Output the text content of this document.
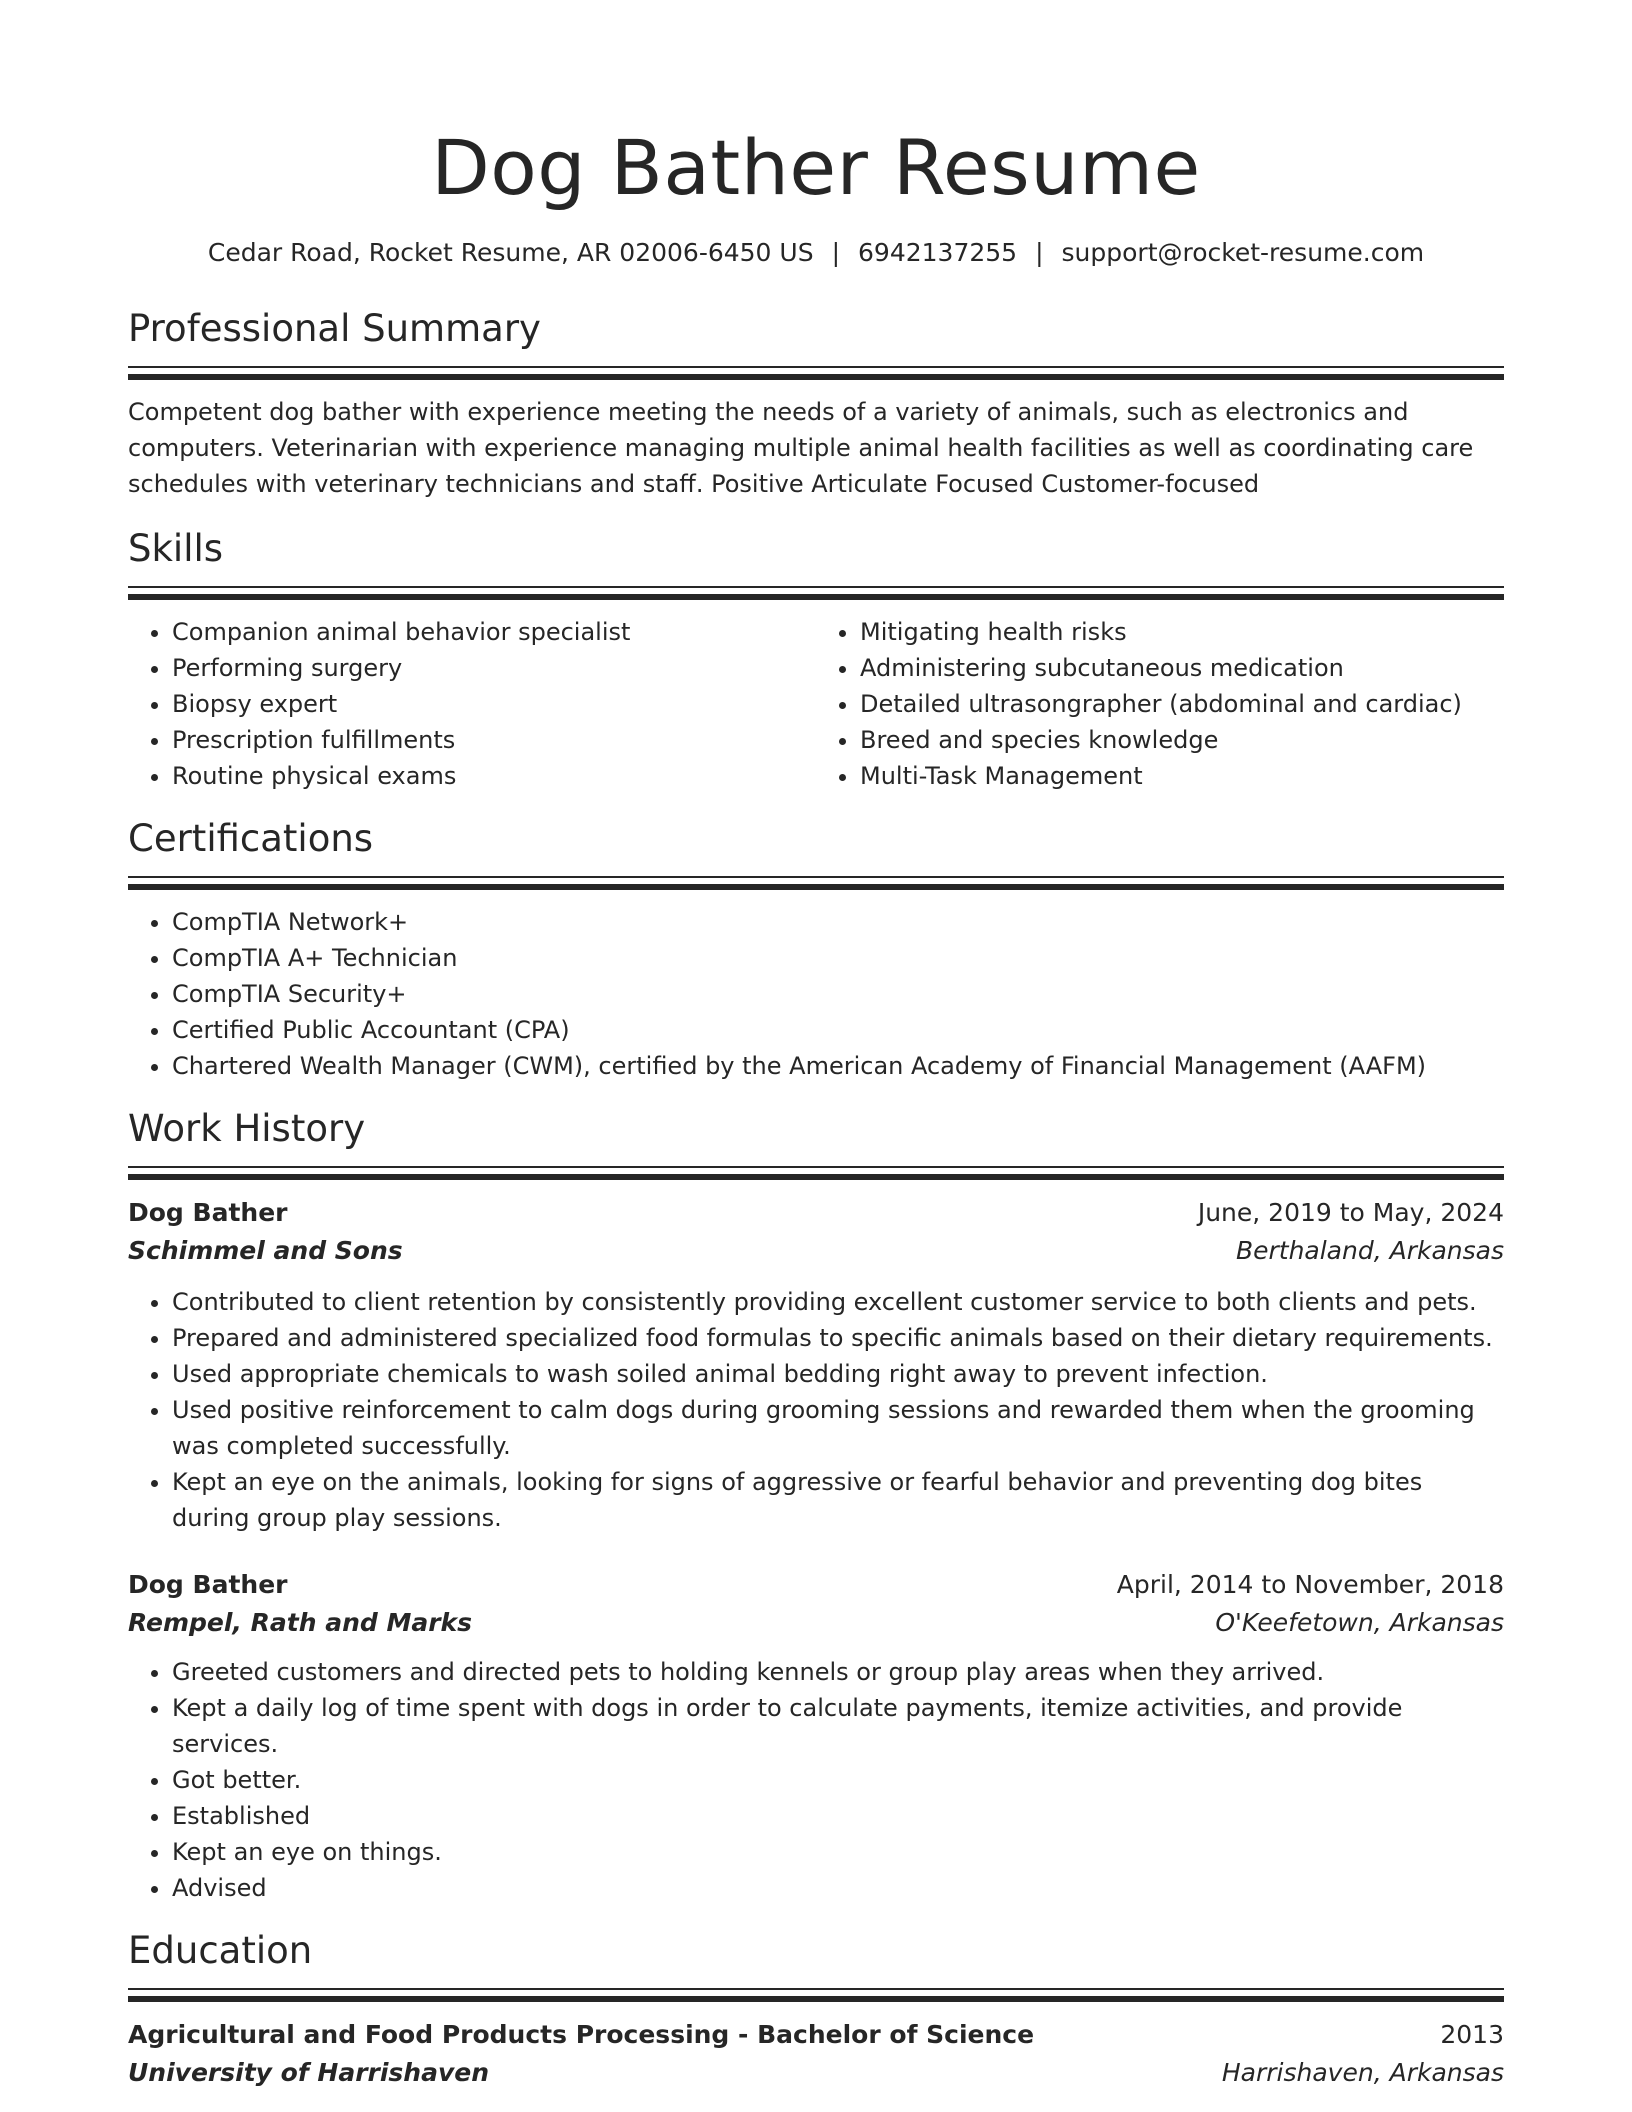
Dog Bather Resume
Cedar Road, Rocket Resume, AR 02006-6450 US | 6942137255 | support@rocket-resume.com
Professional Summary

Competent dog bather with experience meeting the needs of a variety of animals, such as electronics and computers. Veterinarian with experience managing multiple animal health facilities as well as coordinating care schedules with veterinary technicians and staff. Positive Articulate Focused Customer-focused

Skills
• Companion animal behavior specialist
• Performing surgery
• Biopsy expert
• Prescription fulfillments
• Routine physical exams
• Mitigating health risks
• Administering subcutaneous medication
• Detailed ultrasongrapher (abdominal and cardiac)
• Breed and species knowledge
• Multi-Task Management
Certifications
• CompTIA Network+
• CompTIA A+ Technician
• CompTIA Security+
• Certified Public Accountant (CPA)
• Chartered Wealth Manager (CWM), certified by the American Academy of Financial Management (AAFM)
Work History
Dog Bather	June, 2019 to May, 2024
Schimmel and Sons	Berthaland, Arkansas
• Contributed to client retention by consistently providing excellent customer service to both clients and pets.
• Prepared and administered specialized food formulas to specific animals based on their dietary requirements.
• Used appropriate chemicals to wash soiled animal bedding right away to prevent infection.
• Used positive reinforcement to calm dogs during grooming sessions and rewarded them when the grooming was completed successfully.
• Kept an eye on the animals, looking for signs of aggressive or fearful behavior and preventing dog bites during group play sessions.
Dog Bather	April, 2014 to November, 2018
Rempel, Rath and Marks	O'Keefetown, Arkansas
• Greeted customers and directed pets to holding kennels or group play areas when they arrived.
• Kept a daily log of time spent with dogs in order to calculate payments, itemize activities, and provide services.
• Got better.
• Established
• Kept an eye on things.
• Advised
Education
Agricultural and Food Products Processing - Bachelor of Science	2013
University of Harrishaven	Harrishaven, Arkansas
